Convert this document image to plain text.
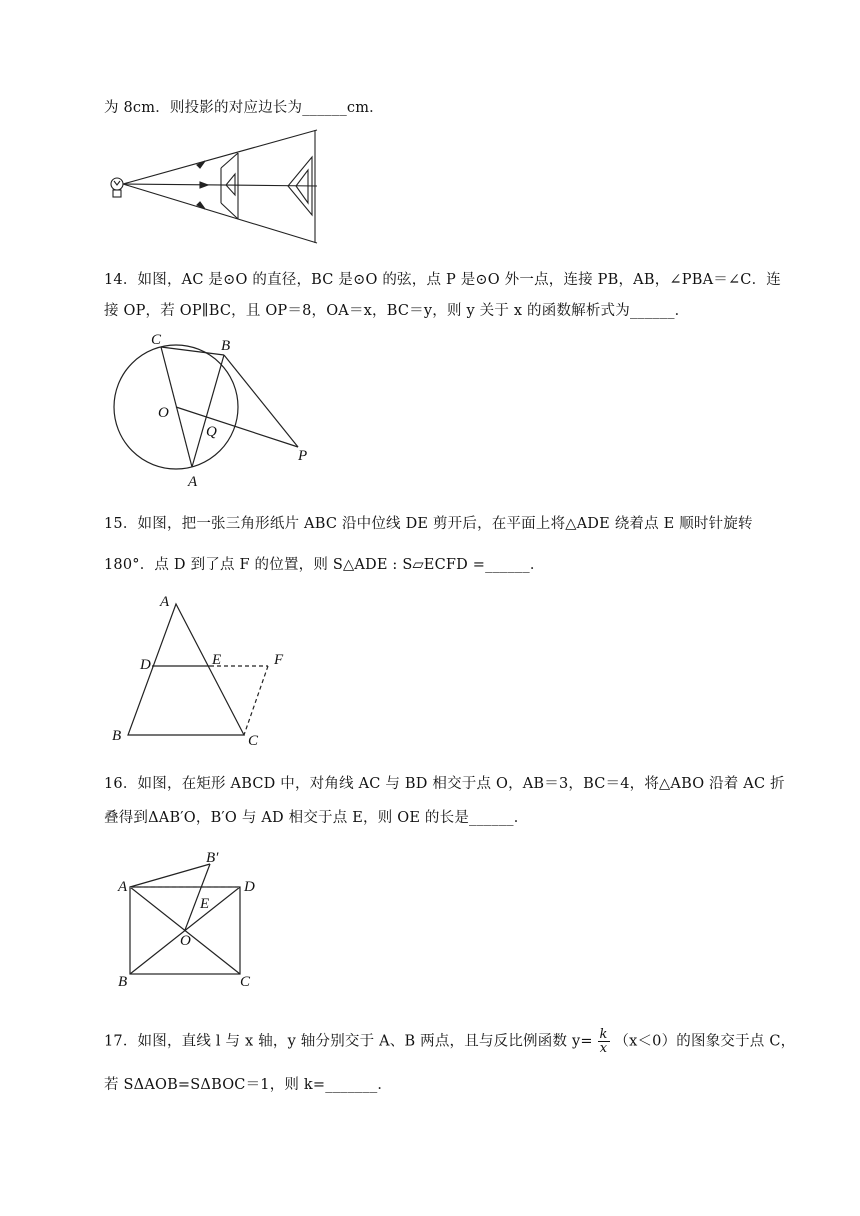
为 8cm．则投影的对应边长为______cm．
14．如图，AC 是⊙O 的直径，BC 是⊙O 的弦，点 P 是⊙O 外一点，连接 PB，AB，∠PBA＝∠C．连
接 OP，若 OP∥BC，且 OP＝8，OA＝x，BC＝y，则 y 关于 x 的函数解析式为______．
C	B
O
Q
A
P
15．如图，把一张三角形纸片 ABC 沿中位线 DE 剪开后，在平面上将△ADE 绕着点 E 顺时针旋转
180°．点 D 到了点 F 的位置，则 S△ADE : S▱ECFD =______．
A
D	E	F
B	C
16．如图，在矩形 ABCD 中，对角线 AC 与 BD 相交于点 O，AB＝3，BC＝4，将△ABO 沿着 AC 折
叠得到ΔAB′O，B′O 与 AD 相交于点 E，则 OE 的长是______．
B′
A	D
E
O
B	C
17．如图，直线 l 与 x 轴，y 轴分别交于 A、B 两点，且与反比例函数 $y= \frac{k}{x} (x<0)$的图象交于点 C，
若 SΔAOB=SΔBOC＝1，则 k=_______．
